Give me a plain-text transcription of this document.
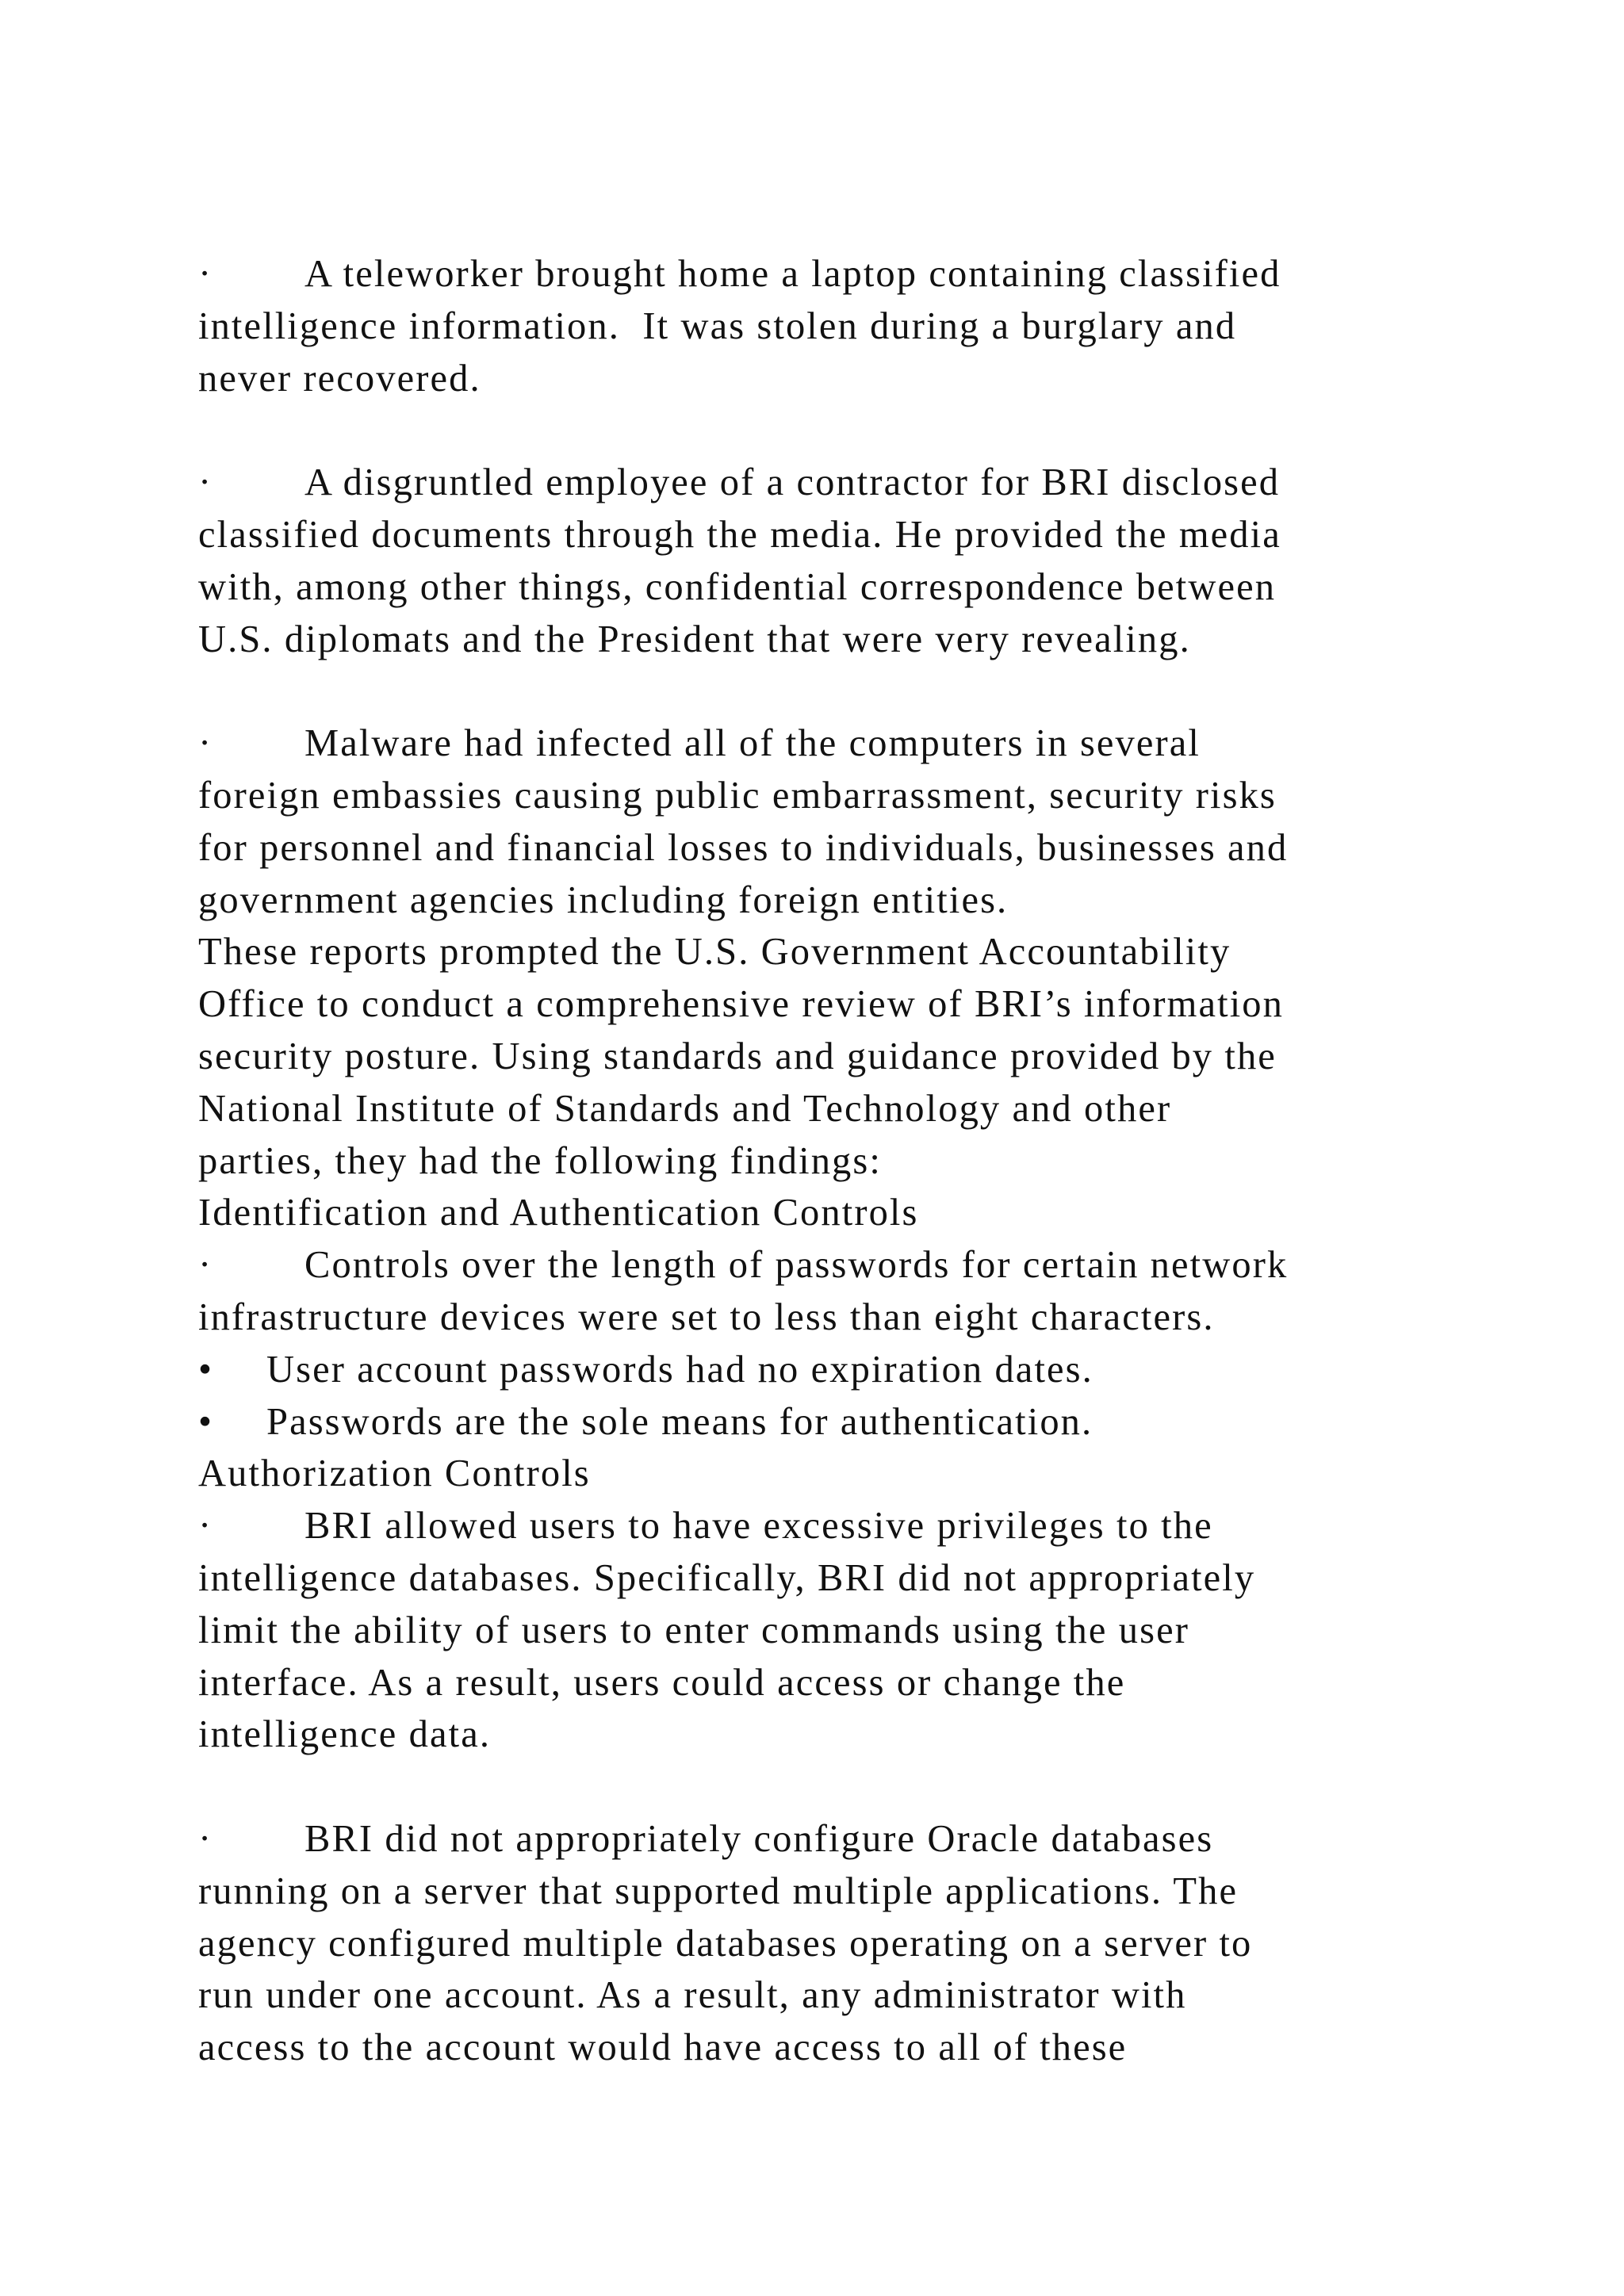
· A teleworker brought home a laptop containing classified
intelligence information.  It was stolen during a burglary and
never recovered.
· A disgruntled employee of a contractor for BRI disclosed
classified documents through the media. He provided the media
with, among other things, confidential correspondence between
U.S. diplomats and the President that were very revealing.
· Malware had infected all of the computers in several
foreign embassies causing public embarrassment, security risks
for personnel and financial losses to individuals, businesses and
government agencies including foreign entities.
These reports prompted the U.S. Government Accountability
Office to conduct a comprehensive review of BRI’s information
security posture. Using standards and guidance provided by the
National Institute of Standards and Technology and other
parties, they had the following findings:
Identification and Authentication Controls
· Controls over the length of passwords for certain network
infrastructure devices were set to less than eight characters.
• User account passwords had no expiration dates.
• Passwords are the sole means for authentication.
Authorization Controls
· BRI allowed users to have excessive privileges to the
intelligence databases. Specifically, BRI did not appropriately
limit the ability of users to enter commands using the user
interface. As a result, users could access or change the
intelligence data.
· BRI did not appropriately configure Oracle databases
running on a server that supported multiple applications. The
agency configured multiple databases operating on a server to
run under one account. As a result, any administrator with
access to the account would have access to all of these
